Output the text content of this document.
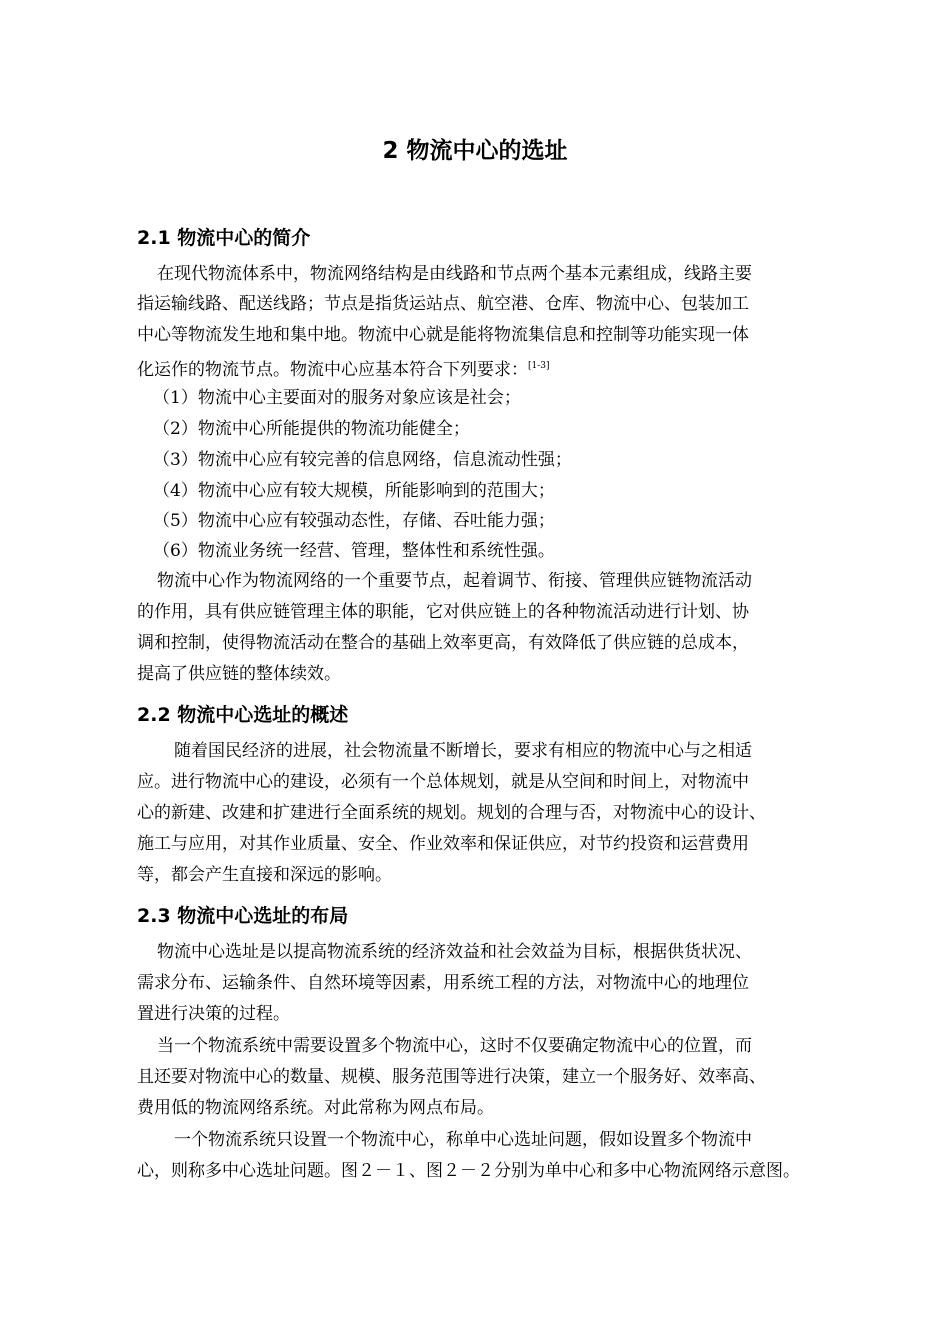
2 物流中心的选址
2.1 物流中心的简介
在现代物流体系中，物流网络结构是由线路和节点两个基本元素组成，线路主要
指运输线路、配送线路；节点是指货运站点、航空港、仓库、物流中心、包装加工
中心等物流发生地和集中地。物流中心就是能将物流集信息和控制等功能实现一体
化运作的物流节点。物流中心应基本符合下列要求：[1-3]
（1）物流中心主要面对的服务对象应该是社会；
（2）物流中心所能提供的物流功能健全；
（3）物流中心应有较完善的信息网络，信息流动性强；
（4）物流中心应有较大规模，所能影响到的范围大；
（5）物流中心应有较强动态性，存储、吞吐能力强；
（6）物流业务统一经营、管理，整体性和系统性强。
物流中心作为物流网络的一个重要节点，起着调节、衔接、管理供应链物流活动
的作用，具有供应链管理主体的职能，它对供应链上的各种物流活动进行计划、协
调和控制，使得物流活动在整合的基础上效率更高，有效降低了供应链的总成本，
提高了供应链的整体续效。
2.2 物流中心选址的概述
随着国民经济的进展，社会物流量不断增长，要求有相应的物流中心与之相适
应。进行物流中心的建设，必须有一个总体规划，就是从空间和时间上，对物流中
心的新建、改建和扩建进行全面系统的规划。规划的合理与否，对物流中心的设计、
施工与应用，对其作业质量、安全、作业效率和保证供应，对节约投资和运营费用
等，都会产生直接和深远的影响。
2.3 物流中心选址的布局
物流中心选址是以提高物流系统的经济效益和社会效益为目标，根据供货状况、
需求分布、运输条件、自然环境等因素，用系统工程的方法，对物流中心的地理位
置进行决策的过程。
当一个物流系统中需要设置多个物流中心，这时不仅要确定物流中心的位置，而
且还要对物流中心的数量、规模、服务范围等进行决策，建立一个服务好、效率高、
费用低的物流网络系统。对此常称为网点布局。
一个物流系统只设置一个物流中心，称单中心选址问题，假如设置多个物流中
心，则称多中心选址问题。图２－１、图２－２分别为单中心和多中心物流网络示意图。
